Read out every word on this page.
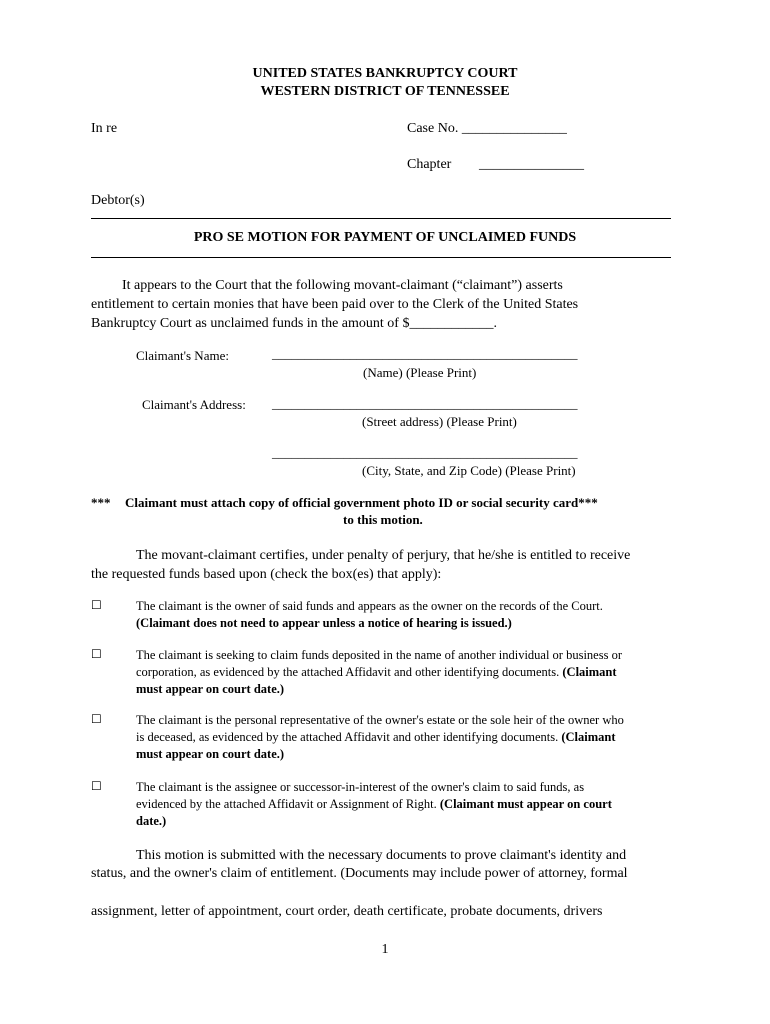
UNITED STATES BANKRUPTCY COURT
WESTERN DISTRICT OF TENNESSEE
In re	Case No. _______________
Chapter _______________
Debtor(s)
PRO SE MOTION FOR PAYMENT OF UNCLAIMED FUNDS
It appears to the Court that the following movant-claimant (“claimant”) asserts
entitlement to certain monies that have been paid over to the Clerk of the United States
Bankruptcy Court as unclaimed funds in the amount of $____________.
Claimant's Name:	_______________________________________________
(Name) (Please Print)
Claimant's Address: _______________________________________________
(Street address) (Please Print)
_______________________________________________
(City, State, and Zip Code) (Please Print)
*** Claimant must attach copy of official government photo ID or social security card***
to this motion.
The movant-claimant certifies, under penalty of perjury, that he/she is entitled to receive
the requested funds based upon (check the box(es) that apply):
☐	The claimant is the owner of said funds and appears as the owner on the records of the Court.
(Claimant does not need to appear unless a notice of hearing is issued.)
☐	The claimant is seeking to claim funds deposited in the name of another individual or business or
corporation, as evidenced by the attached Affidavit and other identifying documents. (Claimant
must appear on court date.)
☐	The claimant is the personal representative of the owner's estate or the sole heir of the owner who
is deceased, as evidenced by the attached Affidavit and other identifying documents. (Claimant
must appear on court date.)
☐	The claimant is the assignee or successor-in-interest of the owner's claim to said funds, as
evidenced by the attached Affidavit or Assignment of Right. (Claimant must appear on court
date.)
This motion is submitted with the necessary documents to prove claimant's identity and
status, and the owner's claim of entitlement. (Documents may include power of attorney, formal
assignment, letter of appointment, court order, death certificate, probate documents, drivers
1
